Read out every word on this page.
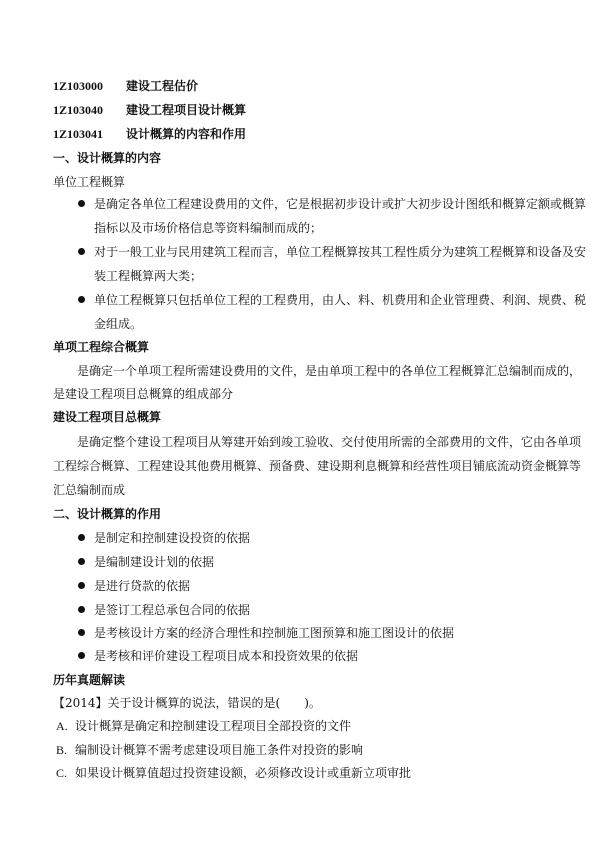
1Z103000 建设工程估价
1Z103040 建设工程项目设计概算
1Z103041 设计概算的内容和作用
一、设计概算的内容
单位工程概算
是确定各单位工程建设费用的文件，它是根据初步设计或扩大初步设计图纸和概算定额或概算
指标以及市场价格信息等资料编制而成的；
对于一般工业与民用建筑工程而言，单位工程概算按其工程性质分为建筑工程概算和设备及安
装工程概算两大类；
单位工程概算只包括单位工程的工程费用，由人、料、机费用和企业管理费、利润、规费、税
金组成。
单项工程综合概算
是确定一个单项工程所需建设费用的文件，是由单项工程中的各单位工程概算汇总编制而成的，
是建设工程项目总概算的组成部分
建设工程项目总概算
是确定整个建设工程项目从筹建开始到竣工验收、交付使用所需的全部费用的文件，它由各单项
工程综合概算、工程建设其他费用概算、预备费、建设期利息概算和经营性项目铺底流动资金概算等
汇总编制而成
二、设计概算的作用
是制定和控制建设投资的依据
是编制建设计划的依据
是进行贷款的依据
是签订工程总承包合同的依据
是考核设计方案的经济合理性和控制施工图预算和施工图设计的依据
是考核和评价建设工程项目成本和投资效果的依据
历年真题解读
【2014】关于设计概算的说法，错误的是(　　)。
A. 设计概算是确定和控制建设工程项目全部投资的文件
B. 编制设计概算不需考虑建设项目施工条件对投资的影响
C. 如果设计概算值超过投资建设额，必须修改设计或重新立项审批
